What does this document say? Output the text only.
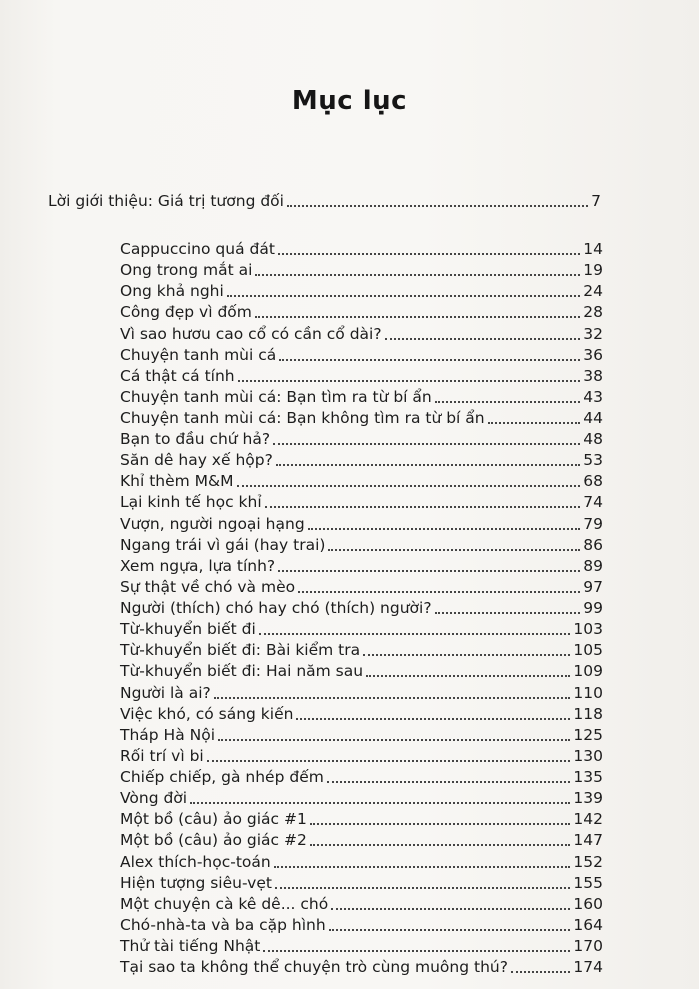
Mục lục
Lời giới thiệu: Giá trị tương đối	7
Cappuccino quá đát	14
Ong trong mắt ai	19
Ong khả nghi	24
Công đẹp vì đốm	28
Vì sao hươu cao cổ có cần cổ dài?	32
Chuyện tanh mùi cá	36
Cá thật cá tính	38
Chuyện tanh mùi cá: Bạn tìm ra từ bí ẩn	43
Chuyện tanh mùi cá: Bạn không tìm ra từ bí ẩn	44
Bạn to đầu chứ hả?	48
Săn dê hay xế hộp?	53
Khỉ thèm M&M	68
Lại kinh tế học khỉ	74
Vượn, người ngoại hạng	79
Ngang trái vì gái (hay trai)	86
Xem ngựa, lựa tính?	89
Sự thật về chó và mèo	97
Người (thích) chó hay chó (thích) người?	99
Từ-khuyển biết đi	103
Từ-khuyển biết đi: Bài kiểm tra	105
Từ-khuyển biết đi: Hai năm sau	109
Người là ai?	110
Việc khó, có sáng kiến	118
Tháp Hà Nội	125
Rối trí vì bi	130
Chiếp chiếp, gà nhép đếm	135
Vòng đời	139
Một bồ (câu) ảo giác #1	142
Một bồ (câu) ảo giác #2	147
Alex thích-học-toán	152
Hiện tượng siêu-vẹt	155
Một chuyện cà kê dê... chó	160
Chó-nhà-ta và ba cặp hình	164
Thử tài tiếng Nhật	170
Tại sao ta không thể chuyện trò cùng muông thú?	174
